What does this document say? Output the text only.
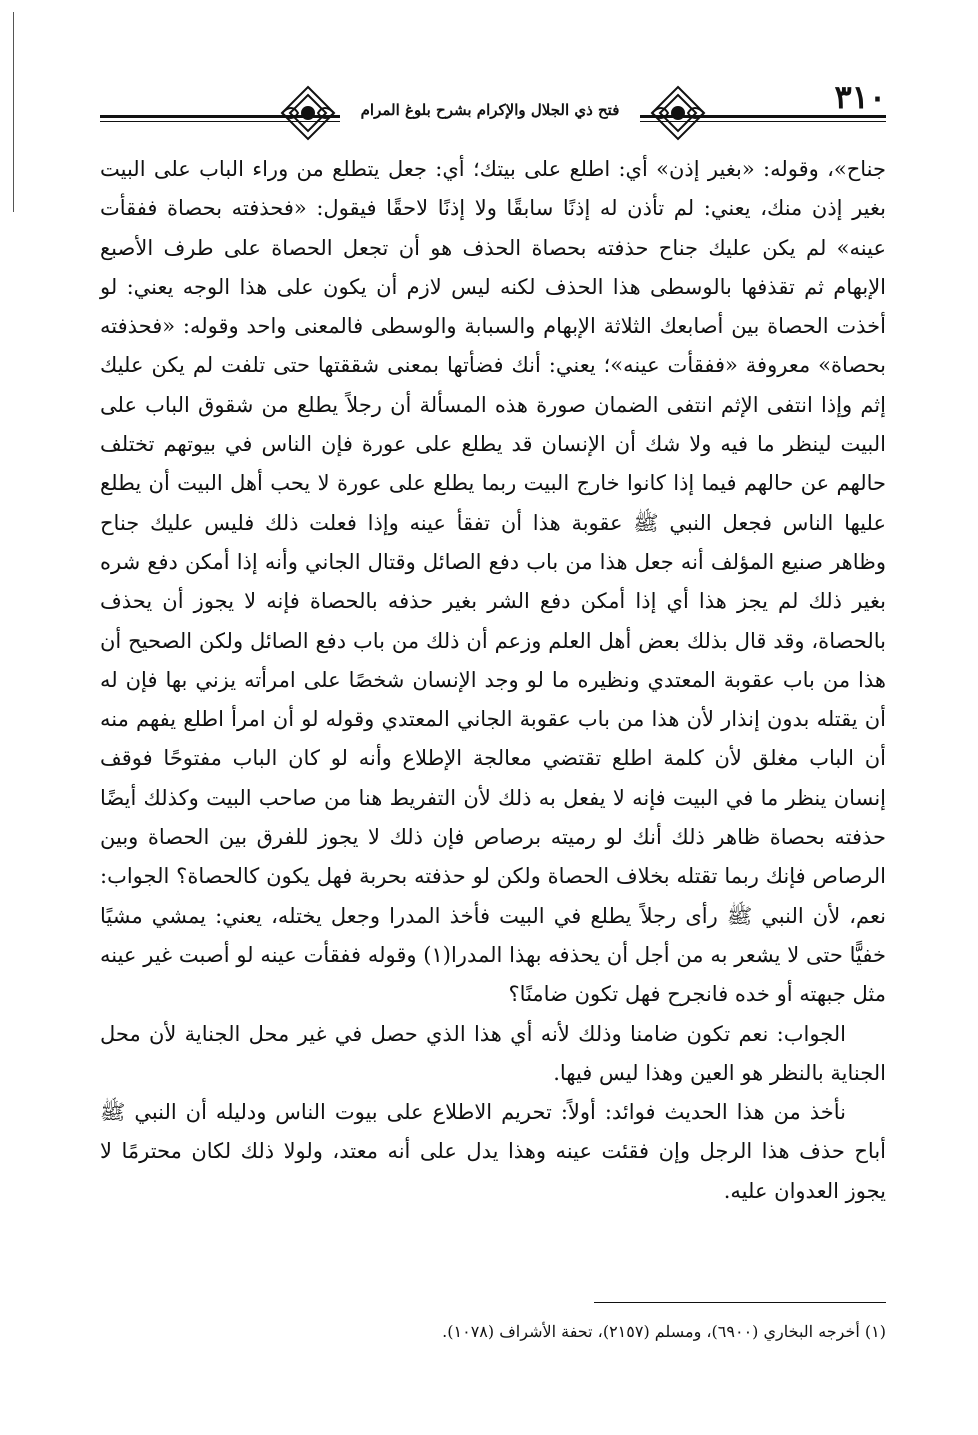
فتح ذي الجلال والإكرام بشرح بلوغ المرام	٣١٠

جناح»، وقوله: «بغير إذن» أي: اطلع على بيتك؛ أي: جعل يتطلع من وراء الباب على البيت بغير إذن منك، يعني: لم تأذن له إذنًا سابقًا ولا إذنًا لاحقًا فيقول: «فحذفته بحصاة ففقأت عينه» لم يكن عليك جناح حذفته بحصاة الحذف هو أن تجعل الحصاة على طرف الأصبع الإبهام ثم تقذفها بالوسطى هذا الحذف لكنه ليس لازم أن يكون على هذا الوجه يعني: لو أخذت الحصاة بين أصابعك الثلاثة الإبهام والسبابة والوسطى فالمعنى واحد وقوله: «فحذفته بحصاة» معروفة «ففقأت عينه»؛ يعني: أنك فضأتها بمعنى شققتها حتى تلفت لم يكن عليك إثم وإذا انتفى الإثم انتفى الضمان صورة هذه المسألة أن رجلاً يطلع من شقوق الباب على البيت لينظر ما فيه ولا شك أن الإنسان قد يطلع على عورة فإن الناس في بيوتهم تختلف حالهم عن حالهم فيما إذا كانوا خارج البيت ربما يطلع على عورة لا يحب أهل البيت أن يطلع عليها الناس فجعل النبي ﷺ عقوبة هذا أن تفقأ عينه وإذا فعلت ذلك فليس عليك جناح وظاهر صنيع المؤلف أنه جعل هذا من باب دفع الصائل وقتال الجاني وأنه إذا أمكن دفع شره بغير ذلك لم يجز هذا أي إذا أمكن دفع الشر بغير حذفه بالحصاة فإنه لا يجوز أن يحذف بالحصاة، وقد قال بذلك بعض أهل العلم وزعم أن ذلك من باب دفع الصائل ولكن الصحيح أن هذا من باب عقوبة المعتدي ونظيره ما لو وجد الإنسان شخصًا على امرأته يزني بها فإن له أن يقتله بدون إنذار لأن هذا من باب عقوبة الجاني المعتدي وقوله لو أن امرأ اطلع يفهم منه أن الباب مغلق لأن كلمة اطلع تقتضي معالجة الإطلاع وأنه لو كان الباب مفتوحًا فوقف إنسان ينظر ما في البيت فإنه لا يفعل به ذلك لأن التفريط هنا من صاحب البيت وكذلك أيضًا حذفته بحصاة ظاهر ذلك أنك لو رميته برصاص فإن ذلك لا يجوز للفرق بين الحصاة وبين الرصاص فإنك ربما تقتله بخلاف الحصاة ولكن لو حذفته بحربة فهل يكون كالحصاة؟ الجواب: نعم، لأن النبي ﷺ رأى رجلاً يطلع في البيت فأخذ المدرا وجعل يختله، يعني: يمشي مشيًا خفيًّا حتى لا يشعر به من أجل أن يحذفه بهذا المدرا(١) وقوله ففقأت عينه لو أصبت غير عينه مثل جبهته أو خده فانجرح فهل تكون ضامنًا؟

الجواب: نعم تكون ضامنا وذلك لأنه أي هذا الذي حصل في غير محل الجناية لأن محل الجناية بالنظر هو العين وهذا ليس فيها.

نأخذ من هذا الحديث فوائد: أولاً: تحريم الاطلاع على بيوت الناس ودليله أن النبي ﷺ أباح حذف هذا الرجل وإن فقئت عينه وهذا يدل على أنه معتد، ولولا ذلك لكان محترمًا لا يجوز العدوان عليه.

(١) أخرجه البخاري (٦٩٠٠)، ومسلم (٢١٥٧)، تحفة الأشراف (١٠٧٨).
